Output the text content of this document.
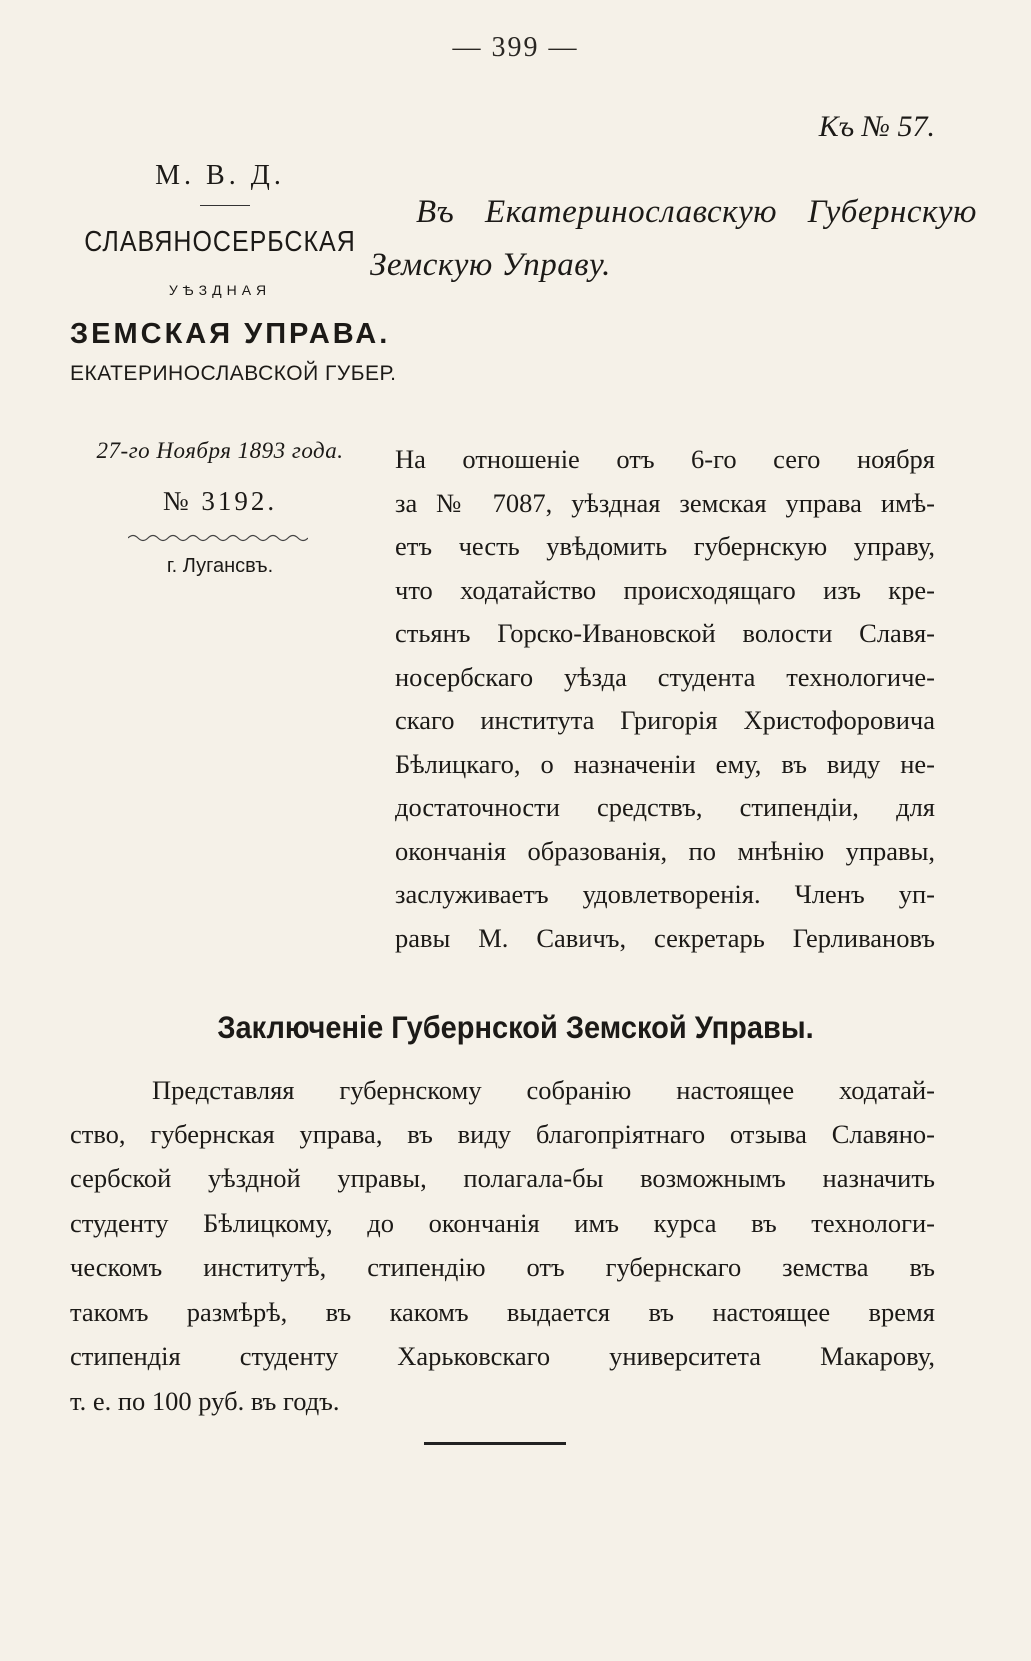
— 399 —
Къ № 57.
М. В. Д.
СЛАВЯНОСЕРБСКАЯ
УѢЗДНАЯ
ЗЕМСКАЯ УПРАВА.
ЕКАТЕРИНОСЛАВСКОЙ ГУБЕР.
27-го Ноября 1893 года.
№ 3192.
г. Лугансвъ.
Въ Екатеринославскую Губернскую
Земскую Управу.
На отношеніе отъ 6-го сего ноября
за № 7087, уѣздная земская управа имѣ-
етъ честь увѣдомить губернскую управу,
что ходатайство происходящаго изъ кре-
стьянъ Горско-Ивановской волости Славя-
носербскаго уѣзда студента технологиче-
скаго института Григорія Христофоровича
Бѣлицкаго, о назначеніи ему, въ виду не-
достаточности средствъ, стипендіи, для
окончанія образованія, по мнѣнію управы,
заслуживаетъ удовлетворенія. Членъ уп-
равы М. Савичъ, секретарь Герливановъ
Заключеніе Губернской Земской Управы.
Представляя губернскому собранію настоящее ходатай-
ство, губернская управа, въ виду благопріятнаго отзыва Славяно-
сербской уѣздной управы, полагала-бы возможнымъ назначить
студенту Бѣлицкому, до окончанія имъ курса въ технологи-
ческомъ институтѣ, стипендію отъ губернскаго земства въ
такомъ размѣрѣ, въ какомъ выдается въ настоящее время
стипендія студенту Харьковскаго университета Макарову,
т. е. по 100 руб. въ годъ.
